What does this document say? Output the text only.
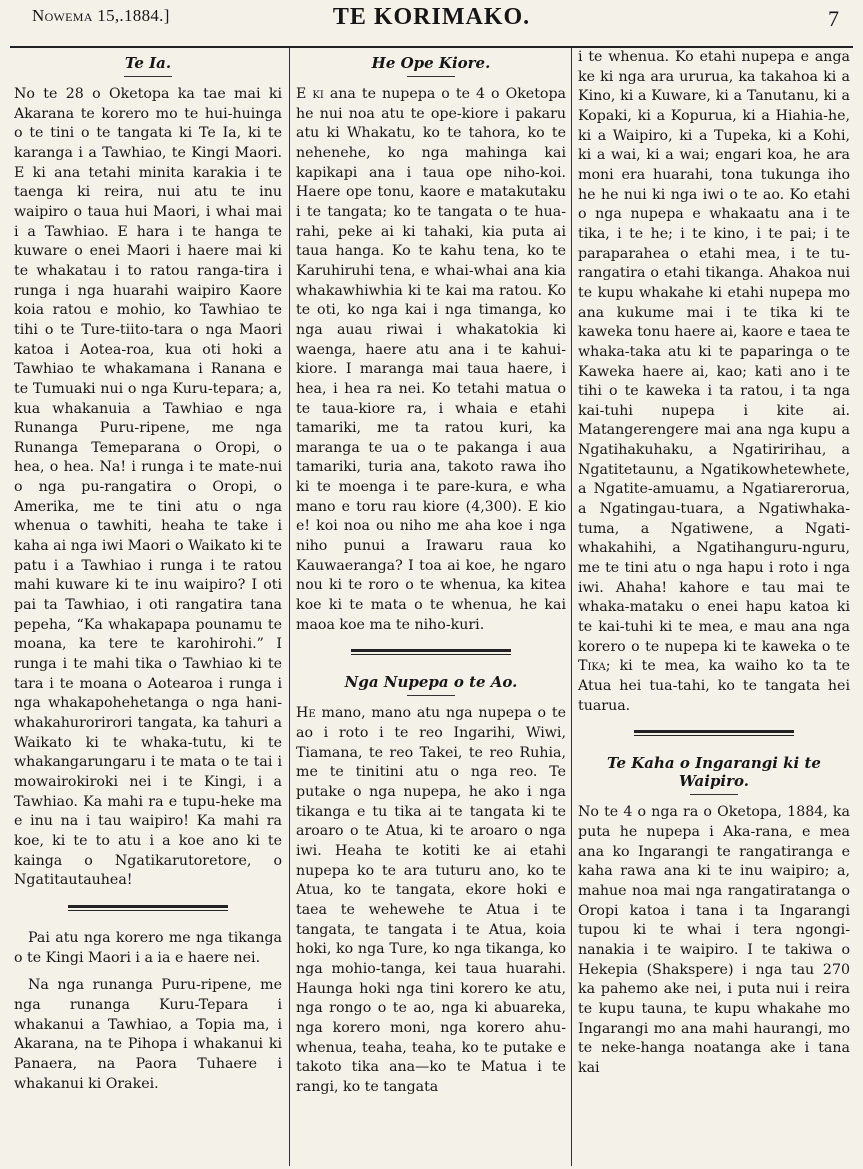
Nowema 15,.1884.]	TE KORIMAKO.	7
Te Ia.

No te 28 o Oketopa ka tae mai ki Akarana te korero mo te hui-huinga o te tini o te tangata ki Te Ia, ki te karanga i a Tawhiao, te Kingi Maori. E ki ana tetahi minita karakia i te taenga ki reira, nui atu te inu waipiro o taua hui Maori, i whai mai i a Tawhiao. E hara i te hanga te kuware o enei Maori i haere mai ki te whakatau i to ratou ranga-tira i runga i nga huarahi waipiro Kaore koia ratou e mohio, ko Tawhiao te tihi o te Ture-tiito-tara o nga Maori katoa i Aotea-roa, kua oti hoki a Tawhiao te whakamana i Ranana e te Tumuaki nui o nga Kuru-tepara; a, kua whakanuia a Tawhiao e nga Runanga Puru-ripene, me nga Runanga Temeparana o Oropi, o hea, o hea. Na! i runga i te mate-nui o nga pu-rangatira o Oropi, o Amerika, me te tini atu o nga whenua o tawhiti, heaha te take i kaha ai nga iwi Maori o Waikato ki te patu i a Tawhiao i runga i te ratou mahi kuware ki te inu waipiro? I oti pai ta Tawhiao, i oti rangatira tana pepeha, “Ka whakapapa pounamu te moana, ka tere te karohirohi.” I runga i te mahi tika o Tawhiao ki te tara i te moana o Aotearoa i runga i nga whakapohehetanga o nga hani-whakahurorirori tangata, ka tahuri a Waikato ki te whaka-tutu, ki te whakangarungaru i te mata o te tai i mowairokiroki nei i te Kingi, i a Tawhiao. Ka mahi ra e tupu-heke ma e inu na i tau waipiro! Ka mahi ra koe, ki te to atu i a koe ano ki te kainga o Ngatikarutoretore, o Ngatitautauhea!

Pai atu nga korero me nga tikanga o te Kingi Maori i a ia e haere nei.

Na nga runanga Puru-ripene, me nga runanga Kuru-Tepara i whakanui a Tawhiao, a Topia ma, i Akarana, na te Pihopa i whakanui ki Panaera, na Paora Tuhaere i whakanui ki Orakei.

He Ope Kiore.

E ki ana te nupepa o te 4 o Oketopa he nui noa atu te ope-kiore i pakaru atu ki Whakatu, ko te tahora, ko te nehenehe, ko nga mahinga kai kapikapi ana i taua ope niho-koi. Haere ope tonu, kaore e matakutaku i te tangata; ko te tangata o te hua-rahi, peke ai ki tahaki, kia puta ai taua hanga. Ko te kahu tena, ko te Karuhiruhi tena, e whai-whai ana kia whakawhiwhia ki te kai ma ratou. Ko te oti, ko nga kai i nga timanga, ko nga auau riwai i whakatokia ki waenga, haere atu ana i te kahui-kiore. I maranga mai taua haere, i hea, i hea ra nei. Ko tetahi matua o te taua-kiore ra, i whaia e etahi tamariki, me ta ratou kuri, ka maranga te ua o te pakanga i aua tamariki, turia ana, takoto rawa iho ki te moenga i te pare-kura, e wha mano e toru rau kiore (4,300). E kio e! koi noa ou niho me aha koe i nga niho punui a Irawaru raua ko Kauwaeranga? I toa ai koe, he ngaro nou ki te roro o te whenua, ka kitea koe ki te mata o te whenua, he kai maoa koe ma te niho-kuri.

Nga Nupepa o te Ao.

He mano, mano atu nga nupepa o te ao i roto i te reo Ingarihi, Wiwi, Tiamana, te reo Takei, te reo Ruhia, me te tinitini atu o nga reo. Te putake o nga nupepa, he ako i nga tikanga e tu tika ai te tangata ki te aroaro o te Atua, ki te aroaro o nga iwi. Heaha te kotiti ke ai etahi nupepa ko te ara tuturu ano, ko te Atua, ko te tangata, ekore hoki e taea te wehewehe te Atua i te tangata, te tangata i te Atua, koia hoki, ko nga Ture, ko nga tikanga, ko nga mohio-tanga, kei taua huarahi. Haunga hoki nga tini korero ke atu, nga rongo o te ao, nga ki abuareka, nga korero moni, nga korero ahu-whenua, teaha, teaha, ko te putake e takoto tika ana—ko te Matua i te rangi, ko te tangata

i te whenua. Ko etahi nupepa e anga ke ki nga ara ururua, ka takahoa ki a Kino, ki a Kuware, ki a Tanutanu, ki a Kopaki, ki a Kopurua, ki a Hiahia-he, ki a Waipiro, ki a Tupeka, ki a Kohi, ki a wai, ki a wai; engari koa, he ara moni era huarahi, tona tukunga iho he he nui ki nga iwi o te ao. Ko etahi o nga nupepa e whakaatu ana i te tika, i te he; i te kino, i te pai; i te paraparahea o etahi mea, i te tu-rangatira o etahi tikanga. Ahakoa nui te kupu whakahe ki etahi nupepa mo ana kukume mai i te tika ki te kaweka tonu haere ai, kaore e taea te whaka-taka atu ki te paparinga o te Kaweka haere ai, kao; kati ano i te tihi o te kaweka i ta ratou, i ta nga kai-tuhi nupepa i kite ai. Matangerengere mai ana nga kupu a Ngatihakuhaku, a Ngatiririhau, a Ngatitetaunu, a Ngatikowhetewhete, a Ngatite-amuamu, a Ngatiarerorua, a Ngatingau-tuara, a Ngatiwhaka-tuma, a Ngatiwene, a Ngati-whakahihi, a Ngatihanguru-nguru, me te tini atu o nga hapu i roto i nga iwi. Ahaha! kahore e tau mai te whaka-mataku o enei hapu katoa ki te kai-tuhi ki te mea, e mau ana nga korero o te nupepa ki te kaweka o te Tika; ki te mea, ka waiho ko ta te Atua hei tua-tahi, ko te tangata hei tuarua.

Te Kaha o Ingarangi ki te Waipiro.

No te 4 o nga ra o Oketopa, 1884, ka puta he nupepa i Aka-rana, e mea ana ko Ingarangi te rangatiranga e kaha rawa ana ki te inu waipiro; a, mahue noa mai nga rangatiratanga o Oropi katoa i tana i ta Ingarangi tupou ki te whai i tera ngongi-nanakia i te waipiro. I te takiwa o Hekepia (Shakspere) i nga tau 270 ka pahemo ake nei, i puta nui i reira te kupu tauna, te kupu whakahe mo Ingarangi mo ana mahi haurangi, mo te neke-hanga noatanga ake i tana kai
